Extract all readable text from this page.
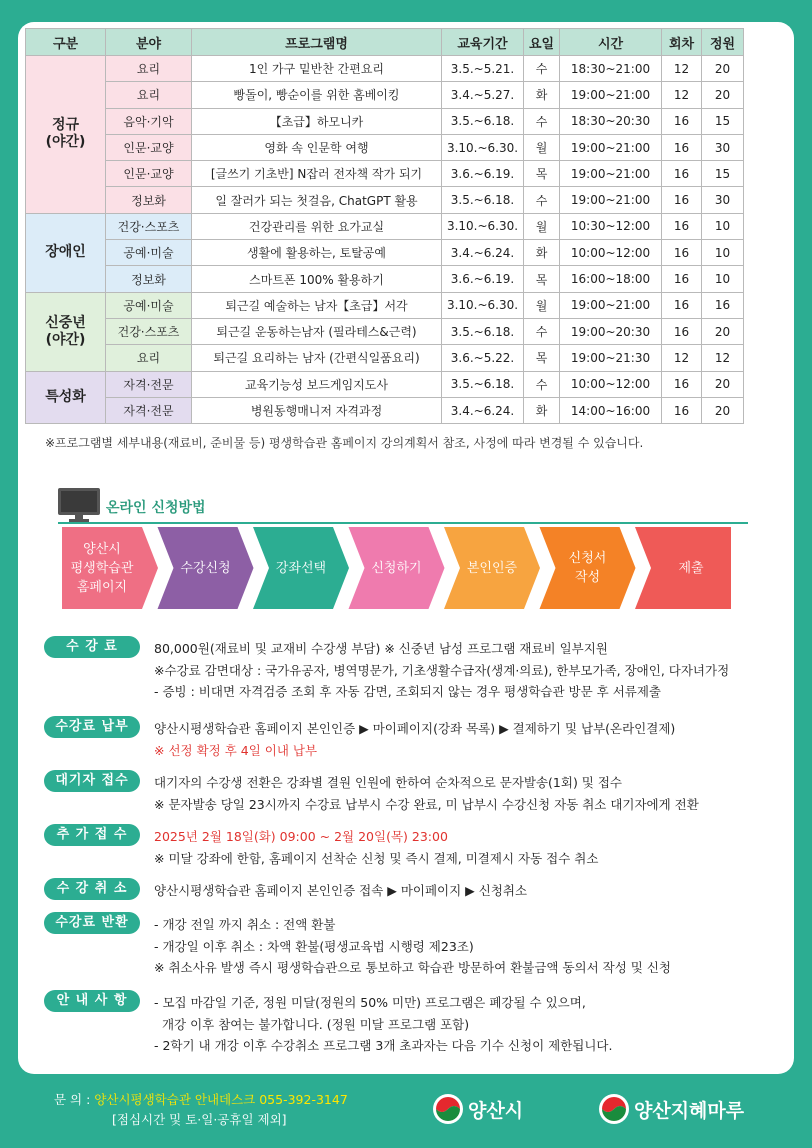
구분	분야	프로그램명	교육기간	요일	시간	회차	정원
정규
(야간)	요리	1인 가구 밑반찬 간편요리	3.5.~5.21.	수	18:30~21:00	12	20
	요리	빵돌이, 빵순이를 위한 홈베이킹	3.4.~5.27.	화	19:00~21:00	12	20
	음악·기악	【초급】하모니카	3.5.~6.18.	수	18:30~20:30	16	15
	인문·교양	영화 속 인문학 여행	3.10.~6.30.	월	19:00~21:00	16	30
	인문·교양	[글쓰기 기초반] N잡러 전자책 작가 되기	3.6.~6.19.	목	19:00~21:00	16	15
	정보화	일 잘러가 되는 첫걸음, ChatGPT 활용	3.5.~6.18.	수	19:00~21:00	16	30
장애인	건강·스포츠	건강관리를 위한 요가교실	3.10.~6.30.	월	10:30~12:00	16	10
	공예·미술	생활에 활용하는, 토탈공예	3.4.~6.24.	화	10:00~12:00	16	10
	정보화	스마트폰 100% 활용하기	3.6.~6.19.	목	16:00~18:00	16	10
신중년
(야간)	공예·미술	퇴근길 예술하는 남자【초급】서각	3.10.~6.30.	월	19:00~21:00	16	16
	건강·스포츠	퇴근길 운동하는남자 (필라테스&근력)	3.5.~6.18.	수	19:00~20:30	16	20
	요리	퇴근길 요리하는 남자 (간편식일품요리)	3.6.~5.22.	목	19:00~21:30	12	12
특성화	자격·전문	교육기능성 보드게임지도사	3.5.~6.18.	수	10:00~12:00	16	20
	자격·전문	병원동행매니저 자격과정	3.4.~6.24.	화	14:00~16:00	16	20
※프로그램별 세부내용(재료비, 준비물 등) 평생학습관 홈페이지 강의계획서 참조, 사정에 따라 변경될 수 있습니다.
온라인 신청방법
양산시
평생학습관
홈페이지
수강신청	강좌선택	신청하기	본인인증
신청서
작성
제출
수 강 료	80,000원(재료비 및 교재비 수강생 부담) ※ 신중년 남성 프로그램 재료비 일부지원
※수강료 감면대상 : 국가유공자, 병역명문가, 기초생활수급자(생계·의료), 한부모가족, 장애인, 다자녀가정
- 증빙 : 비대면 자격검증 조회 후 자동 감면, 조회되지 않는 경우 평생학습관 방문 후 서류제출
수강료 납부	양산시평생학습관 홈페이지 본인인증 ▶ 마이페이지(강좌 목록) ▶ 결제하기 및 납부(온라인결제)
※ 선정 확정 후 4일 이내 납부
대기자 접수	대기자의 수강생 전환은 강좌별 결원 인원에 한하여 순차적으로 문자발송(1회) 및 접수
※ 문자발송 당일 23시까지 수강료 납부시 수강 완료, 미 납부시 수강신청 자동 취소 대기자에게 전환
추 가 접 수	2025년 2월 18일(화) 09:00 ~ 2월 20일(목) 23:00
※ 미달 강좌에 한함, 홈페이지 선착순 신청 및 즉시 결제, 미결제시 자동 접수 취소
수 강 취 소	양산시평생학습관 홈페이지 본인인증 접속 ▶ 마이페이지 ▶ 신청취소
수강료 반환	- 개강 전일 까지 취소 : 전액 환불
- 개강일 이후 취소 : 차액 환불(평생교육법 시행령 제23조)
※ 취소사유 발생 즉시 평생학습관으로 통보하고 학습관 방문하여 환불금액 동의서 작성 및 신청
안 내 사 항	- 모집 마감일 기준, 정원 미달(정원의 50% 미만) 프로그램은 폐강될 수 있으며,
개강 이후 참여는 불가합니다. (정원 미달 프로그램 포함)
- 2학기 내 개강 이후 수강취소 프로그램 3개 초과자는 다음 기수 신청이 제한됩니다.
문 의 : 양산시평생학습관 안내데스크 055-392-3147
[점심시간 및 토·일·공휴일 제외]	양산시	양산지혜마루
